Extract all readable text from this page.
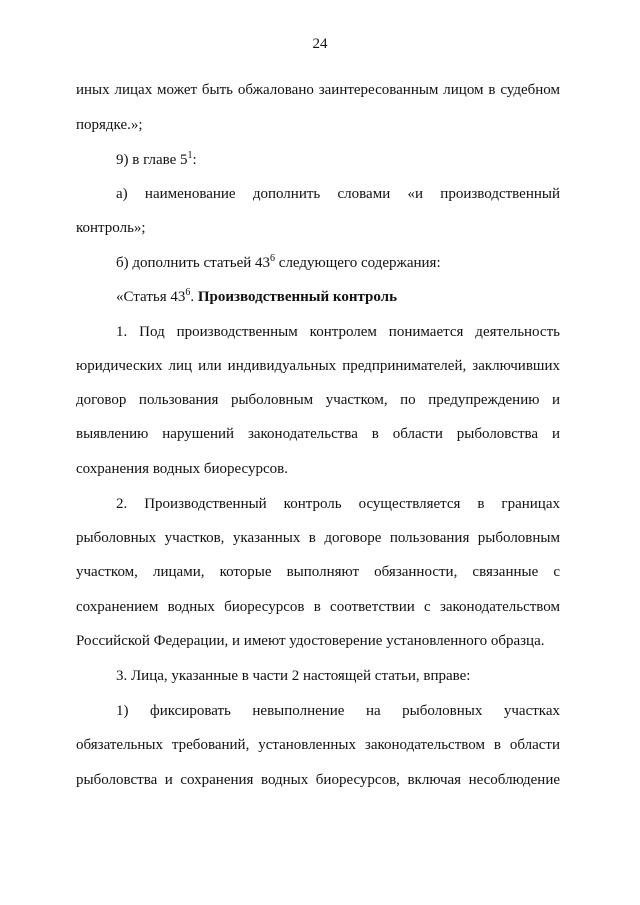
24
иных лицах может быть обжаловано заинтересованным лицом в судебном
порядке.»;
9) в главе $5^1$:
а) наименование дополнить словами «и производственный
контроль»;
б) дополнить статьей $43^6$ следующего содержания:
«Статья $43^6$. Производственный контроль
1. Под производственным контролем понимается деятельность
юридических лиц или индивидуальных предпринимателей, заключивших
договор пользования рыболовным участком, по предупреждению и
выявлению нарушений законодательства в области рыболовства и
сохранения водных биоресурсов.
2. Производственный контроль осуществляется в границах
рыболовных участков, указанных в договоре пользования рыболовным
участком, лицами, которые выполняют обязанности, связанные с
сохранением водных биоресурсов в соответствии с законодательством
Российской Федерации, и имеют удостоверение установленного образца.
3. Лица, указанные в части 2 настоящей статьи, вправе:
1) фиксировать невыполнение на рыболовных участках
обязательных требований, установленных законодательством в области
рыболовства и сохранения водных биоресурсов, включая несоблюдение
